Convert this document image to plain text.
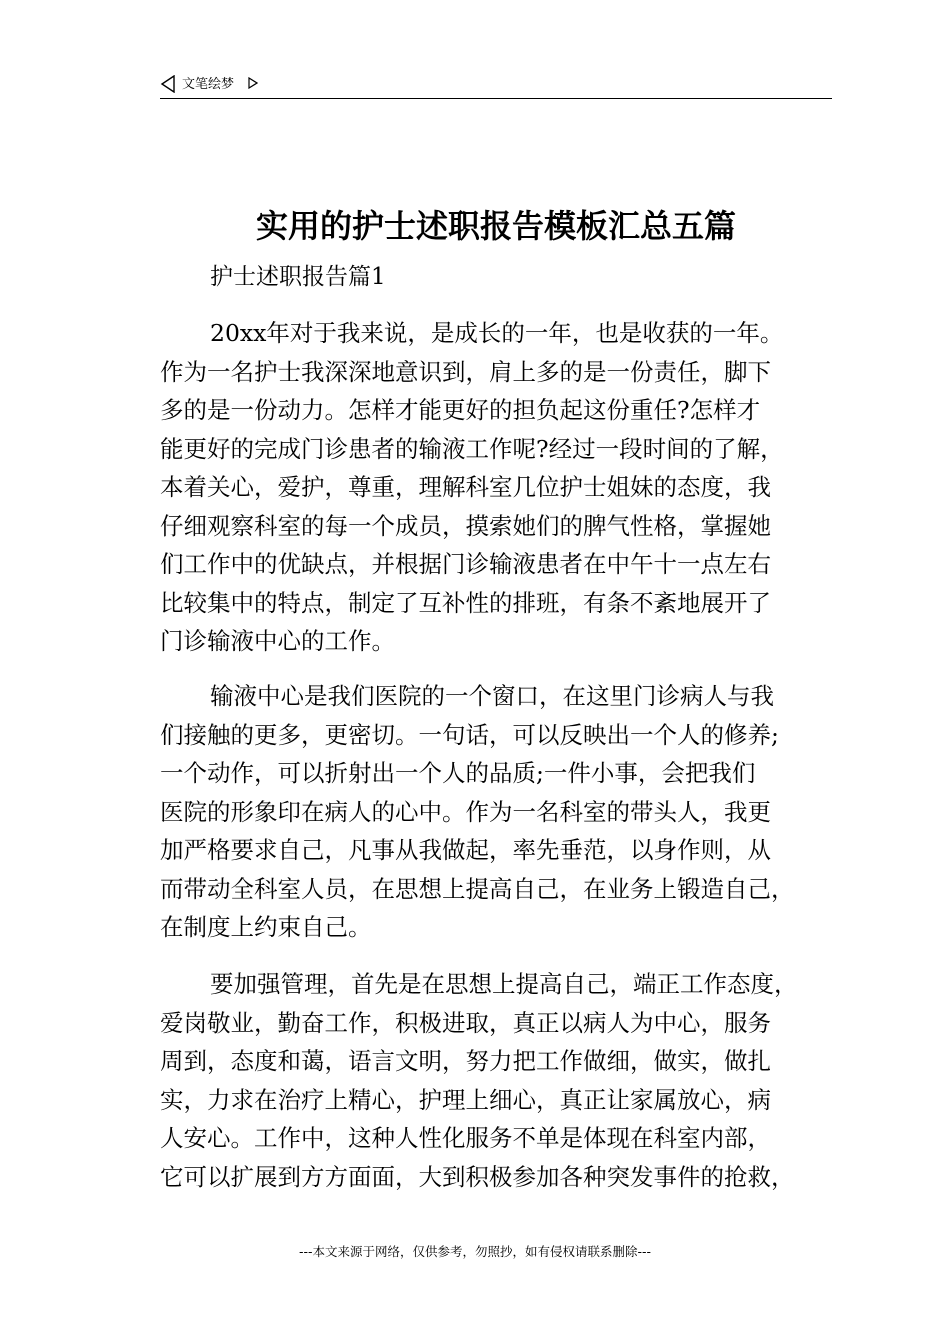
文笔绘梦
实用的护士述职报告模板汇总五篇
护士述职报告篇1
20xx年对于我来说，是成长的一年，也是收获的一年。
作为一名护士我深深地意识到，肩上多的是一份责任，脚下
多的是一份动力。怎样才能更好的担负起这份重任?怎样才
能更好的完成门诊患者的输液工作呢?经过一段时间的了解，
本着关心，爱护，尊重，理解科室几位护士姐妹的态度，我
仔细观察科室的每一个成员，摸索她们的脾气性格，掌握她
们工作中的优缺点，并根据门诊输液患者在中午十一点左右
比较集中的特点，制定了互补性的排班，有条不紊地展开了
门诊输液中心的工作。
输液中心是我们医院的一个窗口，在这里门诊病人与我
们接触的更多，更密切。一句话，可以反映出一个人的修养;
一个动作，可以折射出一个人的品质;一件小事，会把我们
医院的形象印在病人的心中。作为一名科室的带头人，我更
加严格要求自己，凡事从我做起，率先垂范，以身作则，从
而带动全科室人员，在思想上提高自己，在业务上锻造自己，
在制度上约束自己。
要加强管理，首先是在思想上提高自己，端正工作态度，
爱岗敬业，勤奋工作，积极进取，真正以病人为中心，服务
周到，态度和蔼，语言文明，努力把工作做细，做实，做扎
实，力求在治疗上精心，护理上细心，真正让家属放心，病
人安心。工作中，这种人性化服务不单是体现在科室内部，
它可以扩展到方方面面，大到积极参加各种突发事件的抢救，
---本文来源于网络，仅供参考，勿照抄，如有侵权请联系删除---
